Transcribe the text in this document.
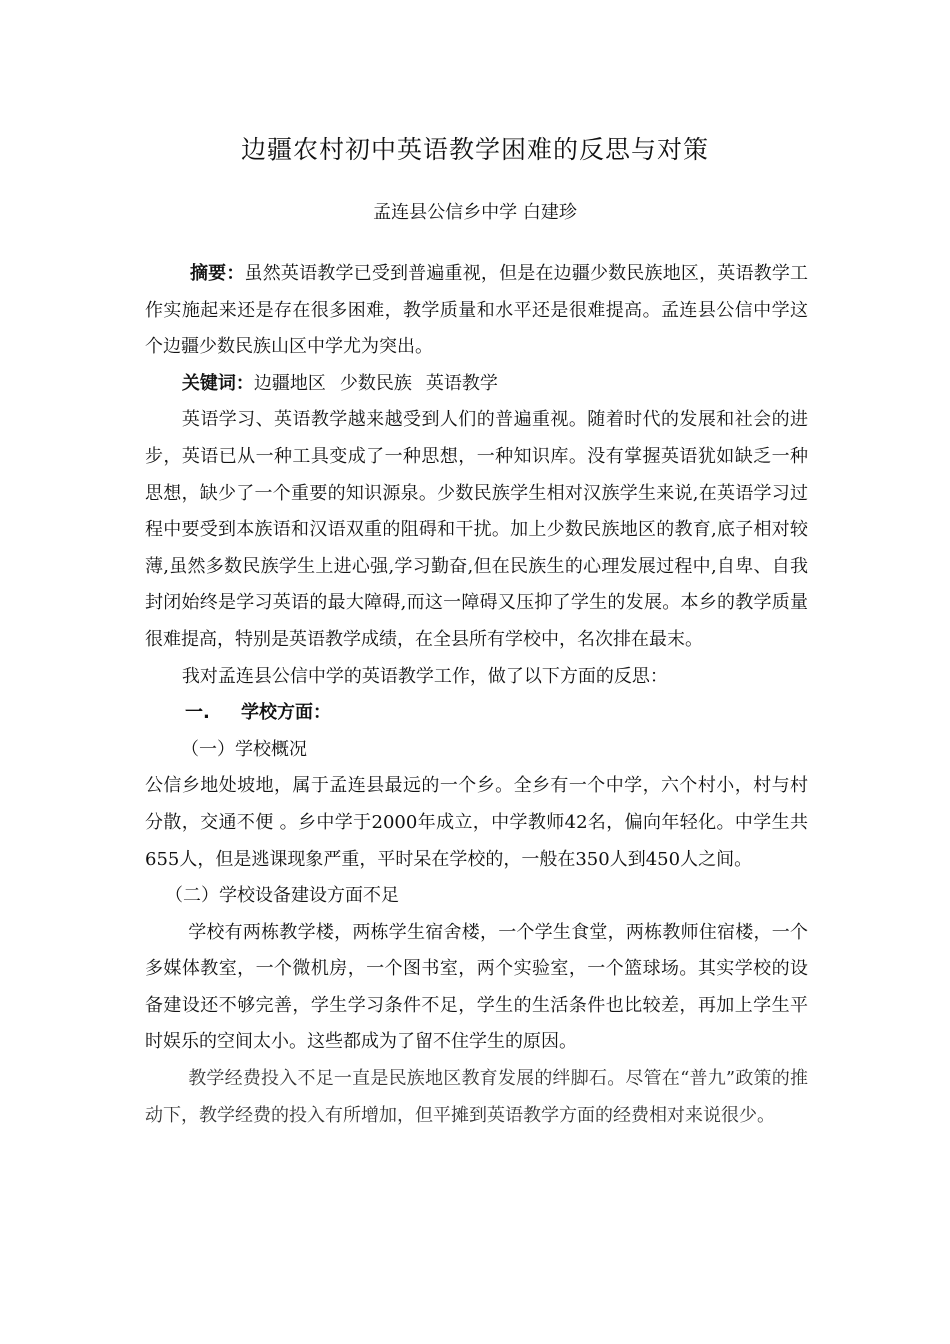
边疆农村初中英语教学困难的反思与对策

孟连县公信乡中学 白建珍

摘要：虽然英语教学已受到普遍重视，但是在边疆少数民族地区，英语教学工作实施起来还是存在很多困难，教学质量和水平还是很难提高。孟连县公信中学这个边疆少数民族山区中学尤为突出。

关键词：边疆地区 少数民族 英语教学

英语学习、英语教学越来越受到人们的普遍重视。随着时代的发展和社会的进步，英语已从一种工具变成了一种思想，一种知识库。没有掌握英语犹如缺乏一种思想，缺少了一个重要的知识源泉。少数民族学生相对汉族学生来说,在英语学习过程中要受到本族语和汉语双重的阻碍和干扰。加上少数民族地区的教育,底子相对较薄,虽然多数民族学生上进心强,学习勤奋,但在民族生的心理发展过程中,自卑、自我封闭始终是学习英语的最大障碍,而这一障碍又压抑了学生的发展。本乡的教学质量很难提高，特别是英语教学成绩，在全县所有学校中，名次排在最末。

我对孟连县公信中学的英语教学工作，做了以下方面的反思：

一. 学校方面：

（一）学校概况

公信乡地处坡地，属于孟连县最远的一个乡。全乡有一个中学，六个村小，村与村分散，交通不便 。乡中学于2000年成立，中学教师42名，偏向年轻化。中学生共655人，但是逃课现象严重，平时呆在学校的，一般在350人到450人之间。

（二）学校设备建设方面不足

学校有两栋教学楼，两栋学生宿舍楼，一个学生食堂，两栋教师住宿楼，一个多媒体教室，一个微机房，一个图书室，两个实验室，一个篮球场。其实学校的设备建设还不够完善，学生学习条件不足，学生的生活条件也比较差，再加上学生平时娱乐的空间太小。这些都成为了留不住学生的原因。

教学经费投入不足一直是民族地区教育发展的绊脚石。尽管在“普九”政策的推动下，教学经费的投入有所增加，但平摊到英语教学方面的经费相对来说很少。
